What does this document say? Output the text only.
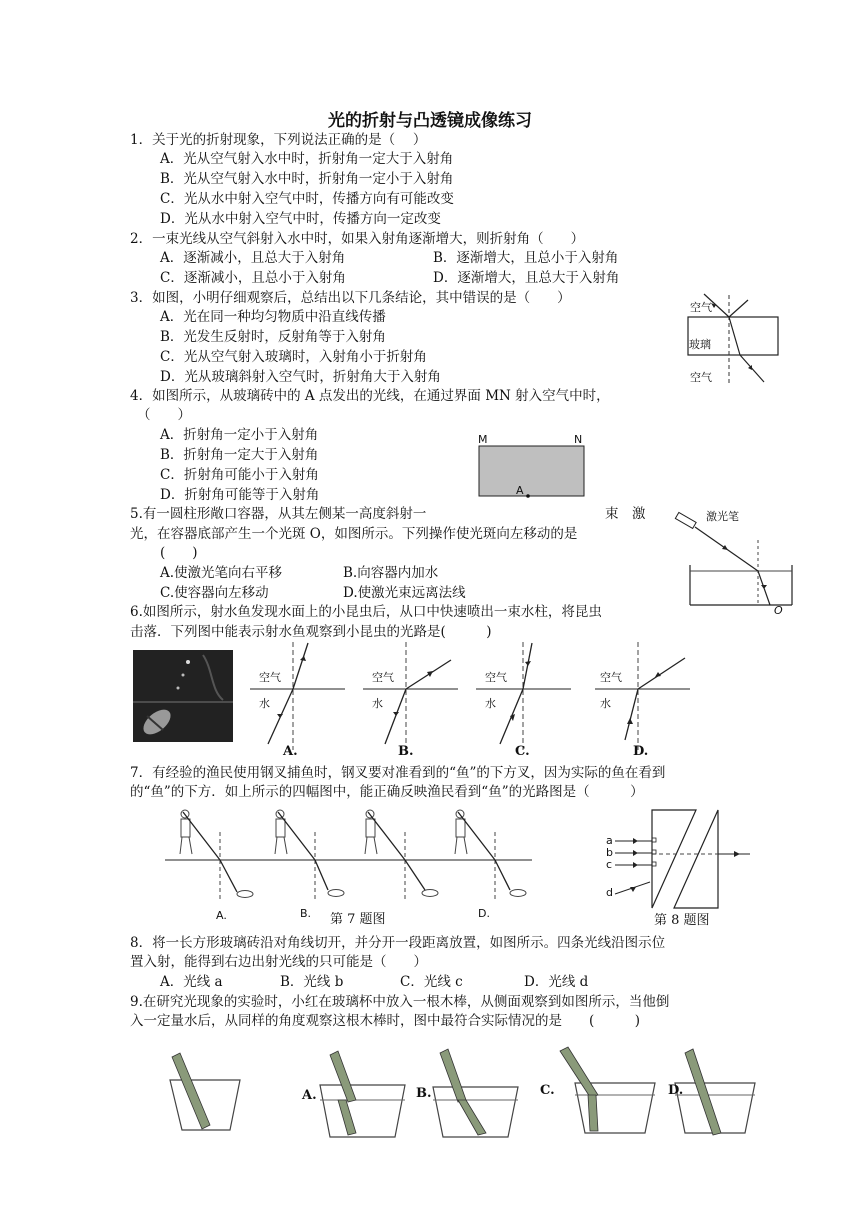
光的折射与凸透镜成像练习
1．关于光的折射现象，下列说法正确的是（　 ）
A．光从空气射入水中时，折射角一定大于入射角
B．光从空气射入水中时，折射角一定小于入射角
C．光从水中射入空气中时，传播方向有可能改变
D．光从水中射入空气中时，传播方向一定改变
2．一束光线从空气斜射入水中时，如果入射角逐渐增大，则折射角（　　）
A．逐渐减小，且总大于入射角	B．逐渐增大，且总小于入射角
C．逐渐减小，且总小于入射角	D．逐渐增大，且总大于入射角
3．如图，小明仔细观察后，总结出以下几条结论，其中错误的是（　　）
A．光在同一种均匀物质中沿直线传播
B．光发生反射时，反射角等于入射角
C．光从空气射入玻璃时，入射角小于折射角
D．光从玻璃斜射入空气时，折射角大于入射角
空气
玻璃
空气
4．如图所示，从玻璃砖中的 A 点发出的光线，在通过界面 MN 射入空气中时，
（　　）
A．折射角一定小于入射角
B．折射角一定大于入射角
C．折射角可能小于入射角
D．折射角可能等于入射角
M	N
A
5.有一圆柱形敞口容器，从其左侧某一高度斜射一	束　激
光，在容器底部产生一个光斑 O，如图所示。下列操作使光斑向左移动的是
(　　)
A.使激光笔向右平移	B.向容器内加水
C.使容器向左移动	D.使激光束远离法线
激光笔
O
6.如图所示，射水鱼发现水面上的小昆虫后，从口中快速喷出一束水柱，将昆虫
击落．下列图中能表示射水鱼观察到小昆虫的光路是(　　　)
空气
水
空气
水
空气
水
空气
水
A.	B.	C.	D.
7．有经验的渔民使用钢叉捕鱼时，钢叉要对准看到的“鱼”的下方叉，因为实际的鱼在看到
的“鱼”的下方．如上所示的四幅图中，能正确反映渔民看到“鱼”的光路图是（　　　）
A.	B.	D.
第 7 题图
a
b
c
d
第 8 题图
8．将一长方形玻璃砖沿对角线切开，并分开一段距离放置，如图所示。四条光线沿图示位
置入射，能得到右边出射光线的只可能是（　　）
A．光线 a	B．光线 b	C．光线 c	D．光线 d
9.在研究光现象的实验时，小红在玻璃杯中放入一根木棒，从侧面观察到如图所示，当他倒
入一定量水后，从同样的角度观察这根木棒时，图中最符合实际情况的是　　(　　　)
A.	B.	C.	D.
